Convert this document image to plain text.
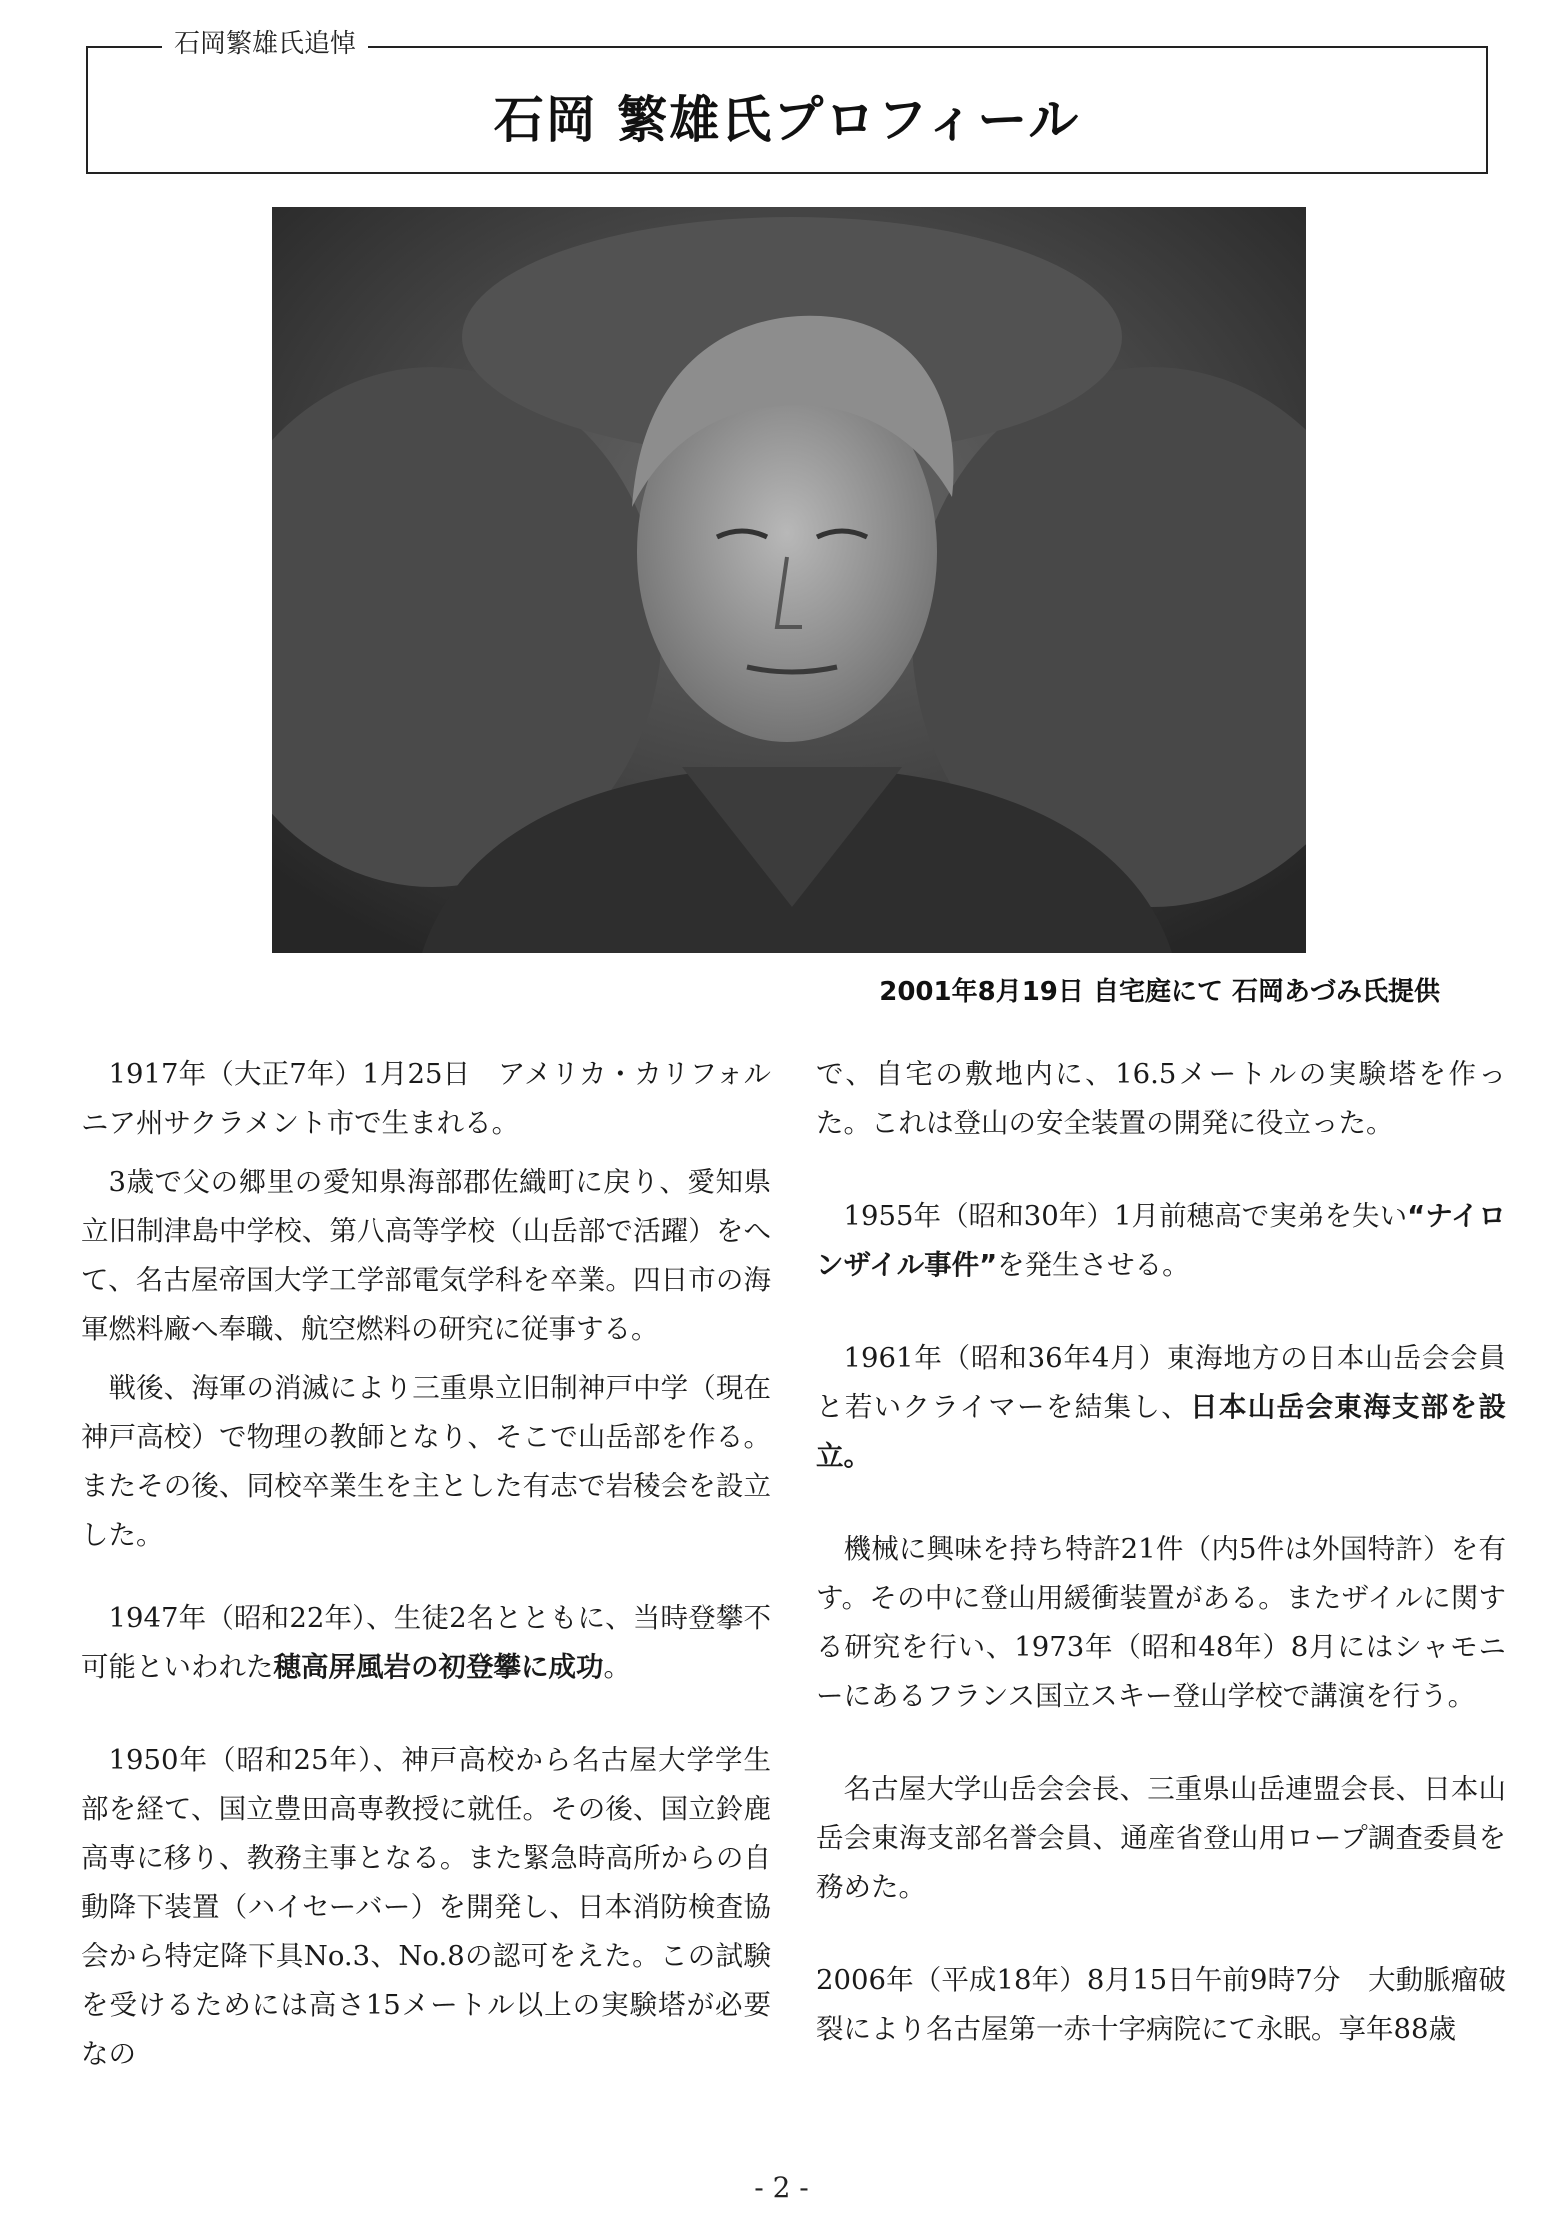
石岡繁雄氏追悼
石岡 繁雄氏プロフィール
2001年8月19日 自宅庭にて 石岡あづみ氏提供

1917年（大正7年）1月25日　アメリカ・カリフォルニア州サクラメント市で生まれる。

3歳で父の郷里の愛知県海部郡佐織町に戻り、愛知県立旧制津島中学校、第八高等学校（山岳部で活躍）をへて、名古屋帝国大学工学部電気学科を卒業。四日市の海軍燃料廠へ奉職、航空燃料の研究に従事する。

戦後、海軍の消滅により三重県立旧制神戸中学（現在神戸高校）で物理の教師となり、そこで山岳部を作る。またその後、同校卒業生を主とした有志で岩稜会を設立した。

1947年（昭和22年）、生徒2名とともに、当時登攀不可能といわれた穂高屏風岩の初登攀に成功。

1950年（昭和25年）、神戸高校から名古屋大学学生部を経て、国立豊田高専教授に就任。その後、国立鈴鹿高専に移り、教務主事となる。また緊急時高所からの自動降下装置（ハイセーバー）を開発し、日本消防検査協会から特定降下具No.3、No.8の認可をえた。この試験を受けるためには高さ15メートル以上の実験塔が必要なの

で、自宅の敷地内に、16.5メートルの実験塔を作った。これは登山の安全装置の開発に役立った。

1955年（昭和30年）1月前穂高で実弟を失い“ナイロンザイル事件”を発生させる。

1961年（昭和36年4月）東海地方の日本山岳会会員と若いクライマーを結集し、日本山岳会東海支部を設立。

機械に興味を持ち特許21件（内5件は外国特許）を有す。その中に登山用緩衝装置がある。またザイルに関する研究を行い、1973年（昭和48年）8月にはシャモニーにあるフランス国立スキー登山学校で講演を行う。

名古屋大学山岳会会長、三重県山岳連盟会長、日本山岳会東海支部名誉会員、通産省登山用ロープ調査委員を務めた。

2006年（平成18年）8月15日午前9時7分　大動脈瘤破裂により名古屋第一赤十字病院にて永眠。享年88歳

- 2 -
